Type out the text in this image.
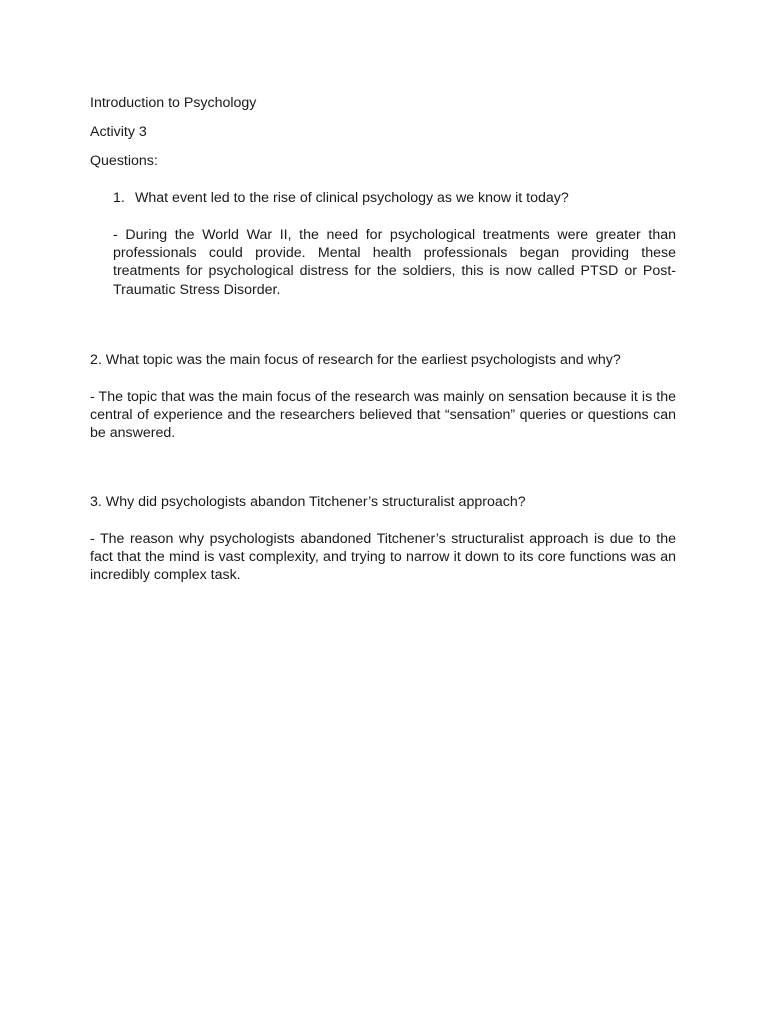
Introduction to Psychology
Activity 3
Questions:
1. What event led to the rise of clinical psychology as we know it today?
- During the World War II, the need for psychological treatments were greater than professionals could provide. Mental health professionals began providing these treatments for psychological distress for the soldiers, this is now called PTSD or Post-Traumatic Stress Disorder.
2. What topic was the main focus of research for the earliest psychologists and why?
- The topic that was the main focus of the research was mainly on sensation because it is the central of experience and the researchers believed that “sensation” queries or questions can be answered.
3. Why did psychologists abandon Titchener’s structuralist approach?
- The reason why psychologists abandoned Titchener’s structuralist approach is due to the fact that the mind is vast complexity, and trying to narrow it down to its core functions was an incredibly complex task.
